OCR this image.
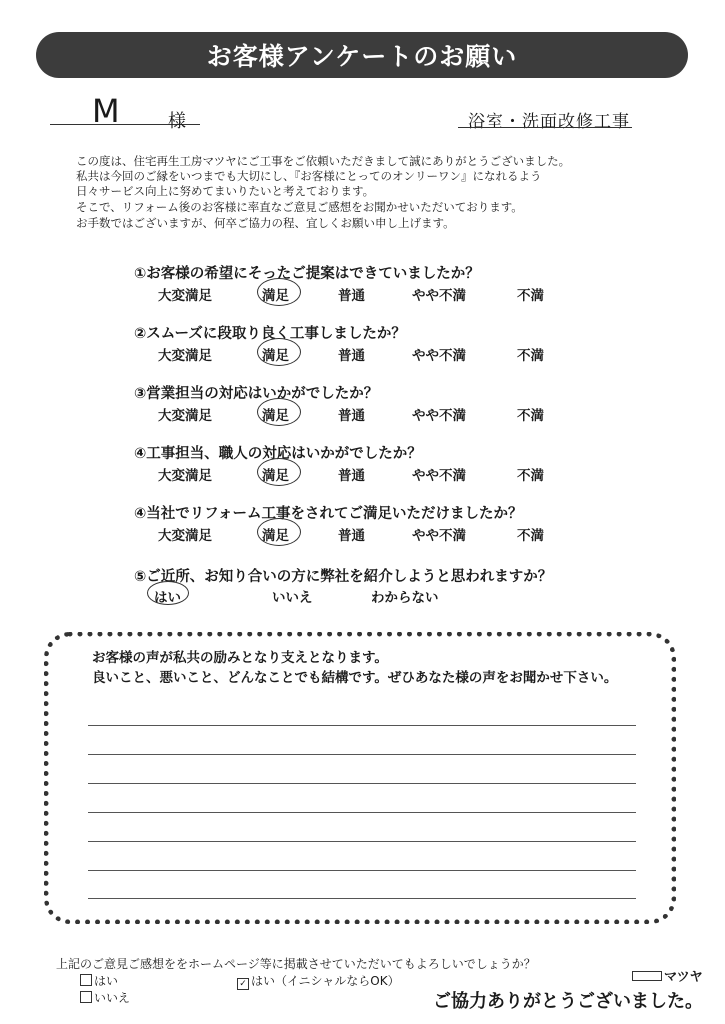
お客様アンケートのお願い
M	様	浴室・洗面改修工事
この度は、住宅再生工房マツヤにご工事をご依頼いただきまして誠にありがとうございました。
私共は今回のご縁をいつまでも大切にし、『お客様にとってのオンリーワン』になれるよう
日々サービス向上に努めてまいりたいと考えております。
そこで、リフォーム後のお客様に率直なご意見ご感想をお聞かせいただいております。
お手数ではございますが、何卒ご協力の程、宜しくお願い申し上げます。
①お客様の希望にそったご提案はできていましたか？
大変満足	満足	普通	やや不満	不満
②スムーズに段取り良く工事しましたか？
大変満足	満足	普通	やや不満	不満
③営業担当の対応はいかがでしたか？
大変満足	満足	普通	やや不満	不満
④工事担当、職人の対応はいかがでしたか？
大変満足	満足	普通	やや不満	不満
④当社でリフォーム工事をされてご満足いただけましたか？
大変満足	満足	普通	やや不満	不満
⑤ご近所、お知り合いの方に弊社を紹介しようと思われますか？
はい	いいえ	わからない
お客様の声が私共の励みとなり支えとなります。
良いこと、悪いこと、どんなことでも結構です。ぜひあなた様の声をお聞かせ下さい。
上記のご意見ご感想ををホームページ等に掲載させていただいてもよろしいでしょうか？
はい
いいえ
✓ はい（イニシャルならOK）	マツヤ
ご協力ありがとうございました。
